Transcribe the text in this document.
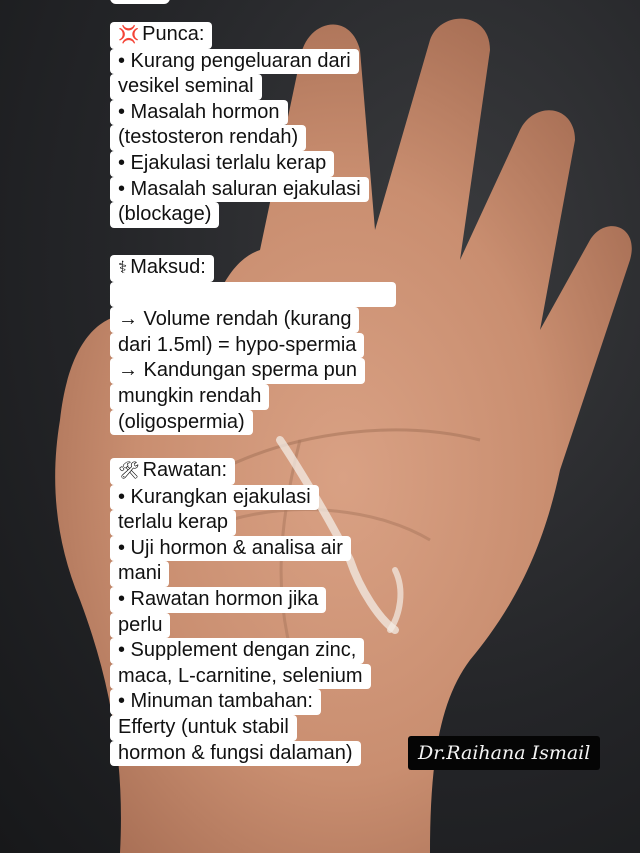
💢 Punca:
• Kurang pengeluaran dari
vesikel seminal
• Masalah hormon
(testosteron rendah)
• Ejakulasi terlalu kerap
• Masalah saluran ejakulasi
(blockage)
⚕ Maksud:
→ Volume rendah (kurang
dari 1.5ml) = hypo-spermia
→ Kandungan sperma pun
mungkin rendah
(oligospermia)
🛠 Rawatan:
• Kurangkan ejakulasi
terlalu kerap
• Uji hormon & analisa air
mani
• Rawatan hormon jika
perlu
• Supplement dengan zinc,
maca, L-carnitine, selenium
• Minuman tambahan:
Efferty (untuk stabil
hormon & fungsi dalaman)	Dr.Raihana Ismail
